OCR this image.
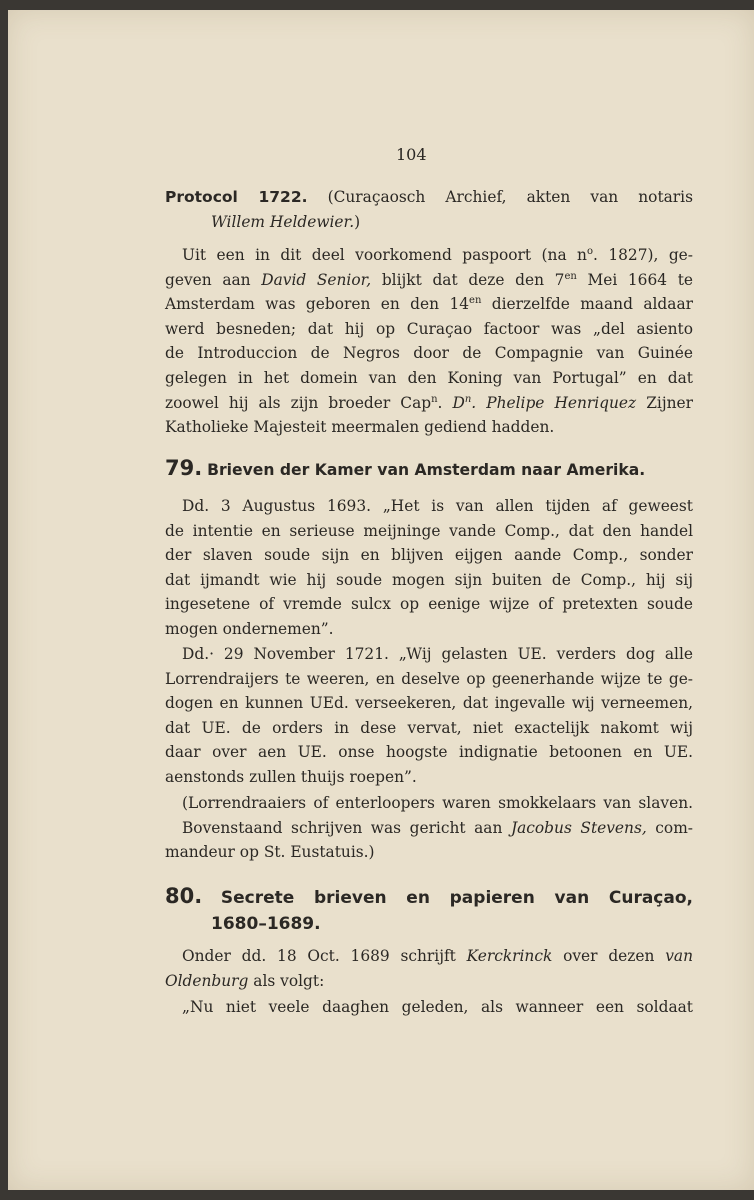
104

Protocol 1722. (Curaçaosch Archief, akten van notaris

Willem Heldewier.)

Uit een in dit deel voorkomend paspoort (na $n^o$. 1827), ge-

geven aan David Senior, blijkt dat deze den $7^{en}$ Mei 1664 te

Amsterdam was geboren en den $14^{en}$ dierzelfde maand aldaar

werd besneden; dat hij op Curaçao factoor was „del asiento

de Introduccion de Negros door de Compagnie van Guinée

gelegen in het domein van den Koning van Portugal” en dat

zoowel hij als zijn broeder Cap$^n$. $D^n$. Phelipe Henriquez Zijner

Katholieke Majesteit meermalen gediend hadden.

79. Brieven der Kamer van Amsterdam naar Amerika.

Dd. 3 Augustus 1693. „Het is van allen tijden af geweest

de intentie en serieuse meijninge vande Comp., dat den handel

der slaven soude sijn en blijven eijgen aande Comp., sonder

dat ijmandt wie hij soude mogen sijn buiten de Comp., hij sij

ingesetene of vremde sulcx op eenige wijze of pretexten soude

mogen ondernemen”.

Dd.· 29 November 1721. „Wij gelasten UE. verders dog alle

Lorrendraijers te weeren, en deselve op geenerhande wijze te ge-

dogen en kunnen UEd. verseekeren, dat ingevalle wij verneemen,

dat UE. de orders in dese vervat, niet exactelijk nakomt wij

daar over aen UE. onse hoogste indignatie betoonen en UE.

aenstonds zullen thuijs roepen”.

(Lorrendraaiers of enterloopers waren smokkelaars van slaven.

Bovenstaand schrijven was gericht aan Jacobus Stevens, com-

mandeur op St. Eustatuis.)

80. Secrete brieven en papieren van Curaçao,

1680–1689.

Onder dd. 18 Oct. 1689 schrijft Kerckrinck over dezen van

Oldenburg als volgt:

„Nu niet veele daaghen geleden, als wanneer een soldaat
